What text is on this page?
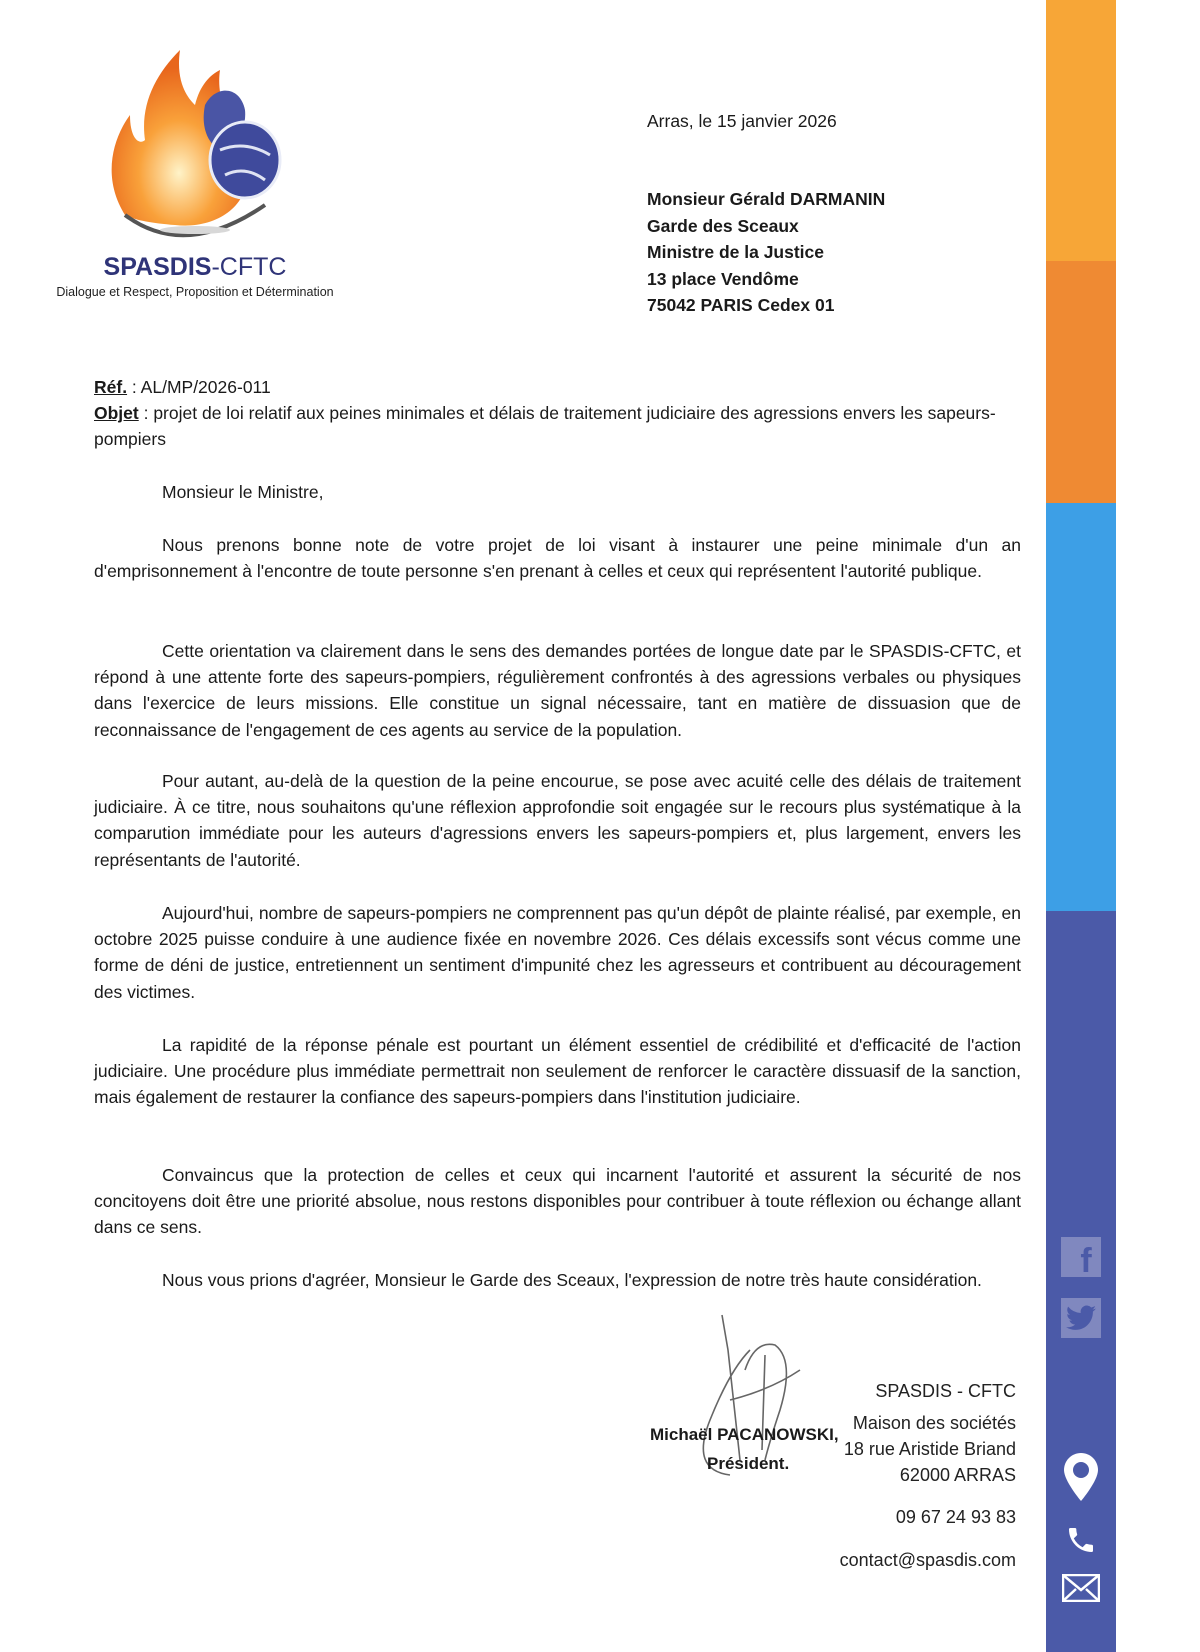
f
SPASDIS-CFTC
Dialogue et Respect, Proposition et Détermination
Arras, le 15 janvier 2026
Monsieur Gérald DARMANIN
Garde des Sceaux
Ministre de la Justice
13 place Vendôme
75042 PARIS Cedex 01
Réf. : AL/MP/2026-011
Objet : projet de loi relatif aux peines minimales et délais de traitement judiciaire des agressions envers les sapeurs-pompiers
Monsieur le Ministre,
Nous prenons bonne note de votre projet de loi visant à instaurer une peine minimale d'un an d'emprisonnement à l'encontre de toute personne s'en prenant à celles et ceux qui représentent l'autorité publique.
Cette orientation va clairement dans le sens des demandes portées de longue date par le SPASDIS-CFTC, et répond à une attente forte des sapeurs-pompiers, régulièrement confrontés à des agressions verbales ou physiques dans l'exercice de leurs missions. Elle constitue un signal nécessaire, tant en matière de dissuasion que de reconnaissance de l'engagement de ces agents au service de la population.
Pour autant, au-delà de la question de la peine encourue, se pose avec acuité celle des délais de traitement judiciaire. À ce titre, nous souhaitons qu'une réflexion approfondie soit engagée sur le recours plus systématique à la comparution immédiate pour les auteurs d'agressions envers les sapeurs-pompiers et, plus largement, envers les représentants de l'autorité.
Aujourd'hui, nombre de sapeurs-pompiers ne comprennent pas qu'un dépôt de plainte réalisé, par exemple, en octobre 2025 puisse conduire à une audience fixée en novembre 2026. Ces délais excessifs sont vécus comme une forme de déni de justice, entretiennent un sentiment d'impunité chez les agresseurs et contribuent au découragement des victimes.
La rapidité de la réponse pénale est pourtant un élément essentiel de crédibilité et d'efficacité de l'action judiciaire. Une procédure plus immédiate permettrait non seulement de renforcer le caractère dissuasif de la sanction, mais également de restaurer la confiance des sapeurs-pompiers dans l'institution judiciaire.
Convaincus que la protection de celles et ceux qui incarnent l'autorité et assurent la sécurité de nos concitoyens doit être une priorité absolue, nous restons disponibles pour contribuer à toute réflexion ou échange allant dans ce sens.
Nous vous prions d'agréer, Monsieur le Garde des Sceaux, l'expression de notre très haute considération.
Michaël PACANOWSKI,
Président.
SPASDIS - CFTC
Maison des sociétés
18 rue Aristide Briand
62000 ARRAS
09 67 24 93 83
contact@spasdis.com
